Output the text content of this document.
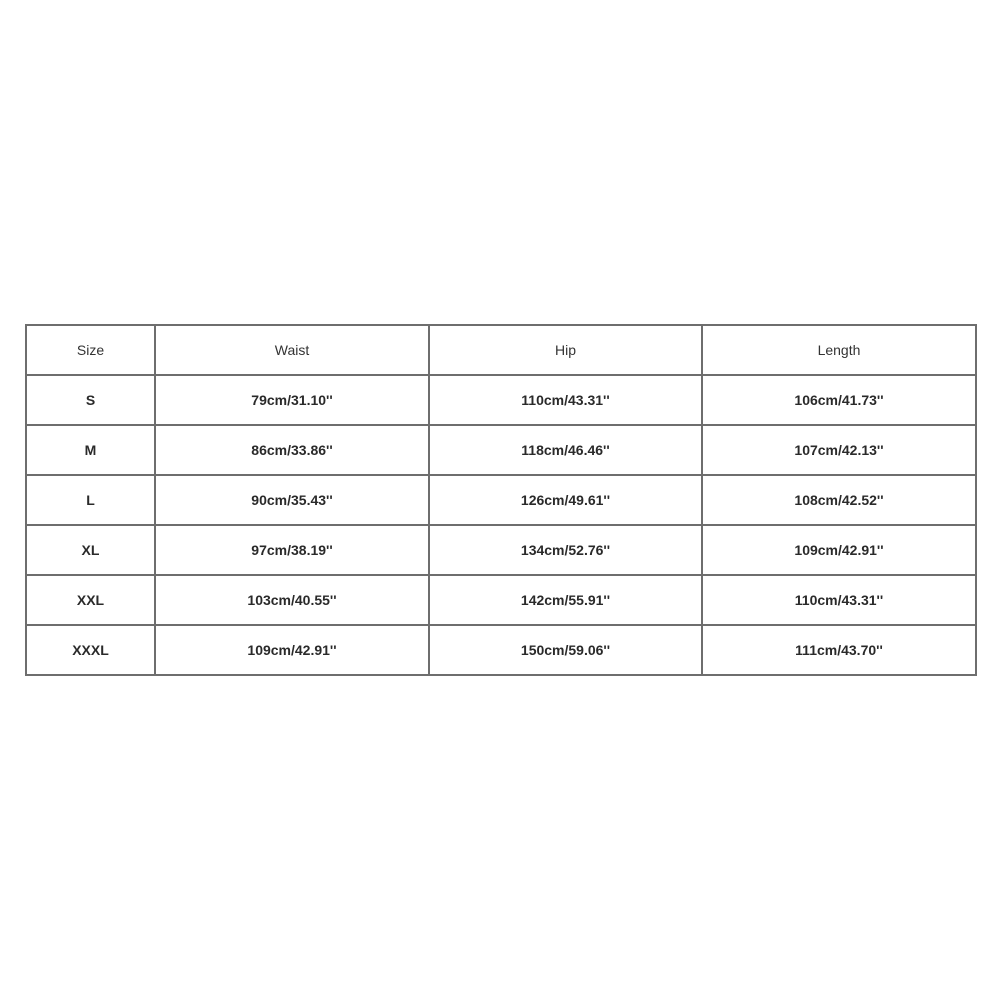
Size	Waist	Hip	Length
S	79cm/31.10''	110cm/43.31''	106cm/41.73''
M	86cm/33.86''	118cm/46.46''	107cm/42.13''
L	90cm/35.43''	126cm/49.61''	108cm/42.52''
XL	97cm/38.19''	134cm/52.76''	109cm/42.91''
XXL	103cm/40.55''	142cm/55.91''	110cm/43.31''
XXXL	109cm/42.91''	150cm/59.06''	111cm/43.70''
